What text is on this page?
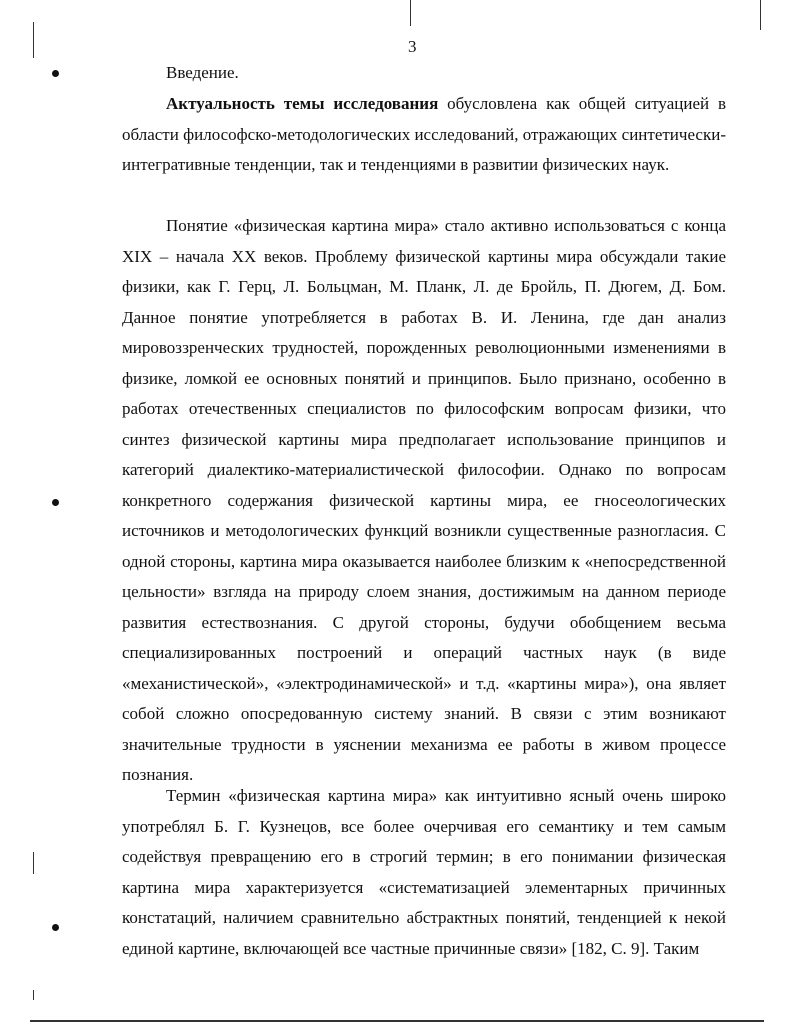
3
Введение.

Актуальность темы исследования обусловлена как общей ситуацией в области философско-методологических исследований, отражающих синтетически-интегративные тенденции, так и тенденциями в развитии физических наук.

Понятие «физическая картина мира» стало активно использоваться с конца XIX – начала XX веков. Проблему физической картины мира обсуждали такие физики, как Г. Герц, Л. Больцман, М. Планк, Л. де Бройль, П. Дюгем, Д. Бом. Данное понятие употребляется в работах В. И. Ленина, где дан анализ мировоззренческих трудностей, порожденных революционными изменениями в физике, ломкой ее основных понятий и принципов. Было признано, особенно в работах отечественных специалистов по философским вопросам физики, что синтез физической картины мира предполагает использование принципов и категорий диалектико-материалистической философии. Однако по вопросам конкретного содержания физической картины мира, ее гносеологических источников и методологических функций возникли существенные разногласия. С одной стороны, картина мира оказывается наиболее близким к «непосредственной цельности» взгляда на природу слоем знания, достижимым на данном периоде развития естествознания. С другой стороны, будучи обобщением весьма специализированных построений и операций частных наук (в виде «механистической», «электродинамической» и т.д. «картины мира»), она являет собой сложно опосредованную систему знаний. В связи с этим возникают значительные трудности в уяснении механизма ее работы в живом процессе познания.

Термин «физическая картина мира» как интуитивно ясный очень широко употреблял Б. Г. Кузнецов, все более очерчивая его семантику и тем самым содействуя превращению его в строгий термин; в его понимании физическая картина мира характеризуется «систематизацией элементарных причинных констатаций, наличием сравнительно абстрактных понятий, тенденцией к некой единой картине, включающей все частные причинные связи» [182, С. 9]. Таким
